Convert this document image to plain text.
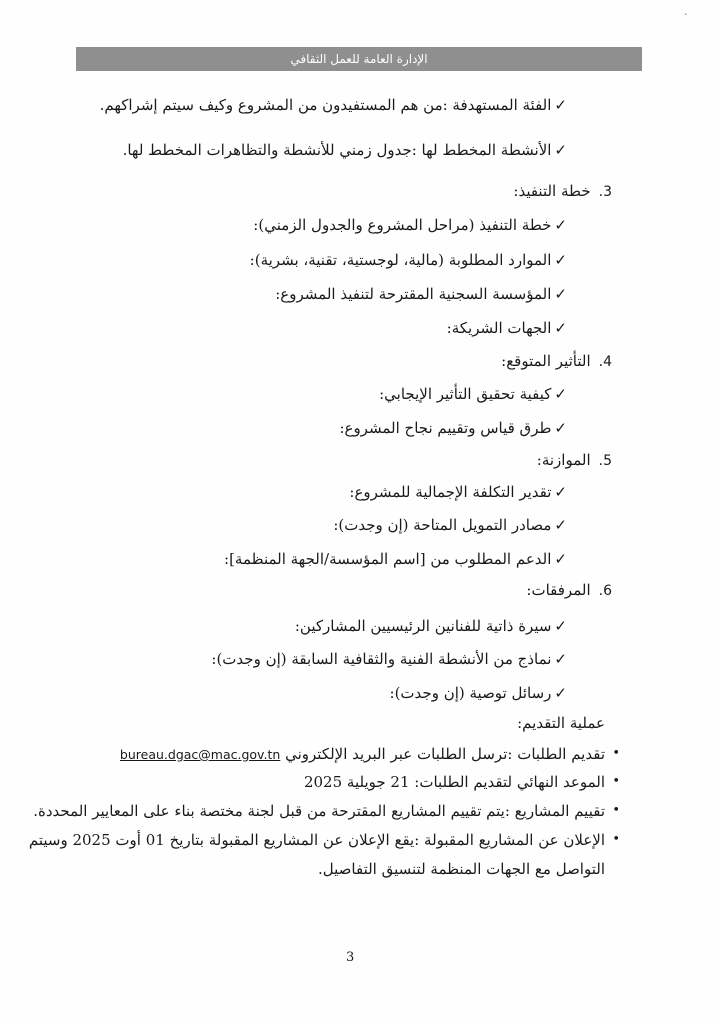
·
الإدارة العامة للعمل الثقافي
✓الفئة المستهدفة :من هم المستفيدون من المشروع وكيف سيتم إشراكهم.
✓الأنشطة المخطط لها :جدول زمني للأنشطة والتظاهرات المخطط لها.
3.خطة التنفيذ:
✓خطة التنفيذ (مراحل المشروع والجدول الزمني):
✓الموارد المطلوبة (مالية، لوجستية، تقنية، بشرية):
✓المؤسسة السجنية المقترحة لتنفيذ المشروع:
✓الجهات الشريكة:
4.التأثير المتوقع:
✓كيفية تحقيق التأثير الإيجابي:
✓طرق قياس وتقييم نجاح المشروع:
5.الموازنة:
✓تقدير التكلفة الإجمالية للمشروع:
✓مصادر التمويل المتاحة (إن وجدت):
✓الدعم المطلوب من [اسم المؤسسة/الجهة المنظمة]:
6.المرفقات:
✓سيرة ذاتية للفنانين الرئيسيين المشاركين:
✓نماذج من الأنشطة الفنية والثقافية السابقة (إن وجدت):
✓رسائل توصية (إن وجدت):
عملية التقديم:
•
تقديم الطلبات :ترسل الطلبات عبر البريد الإلكتروني bureau.dgac@mac.gov.tn
•
الموعد النهائي لتقديم الطلبات: 21 جويلية 2025
•
تقييم المشاريع :يتم تقييم المشاريع المقترحة من قبل لجنة مختصة بناء على المعايير المحددة.
•
الإعلان عن المشاريع المقبولة :يقع الإعلان عن المشاريع المقبولة بتاريخ 01 أوت 2025 وسيتم
التواصل مع الجهات المنظمة لتنسيق التفاصيل.
3
